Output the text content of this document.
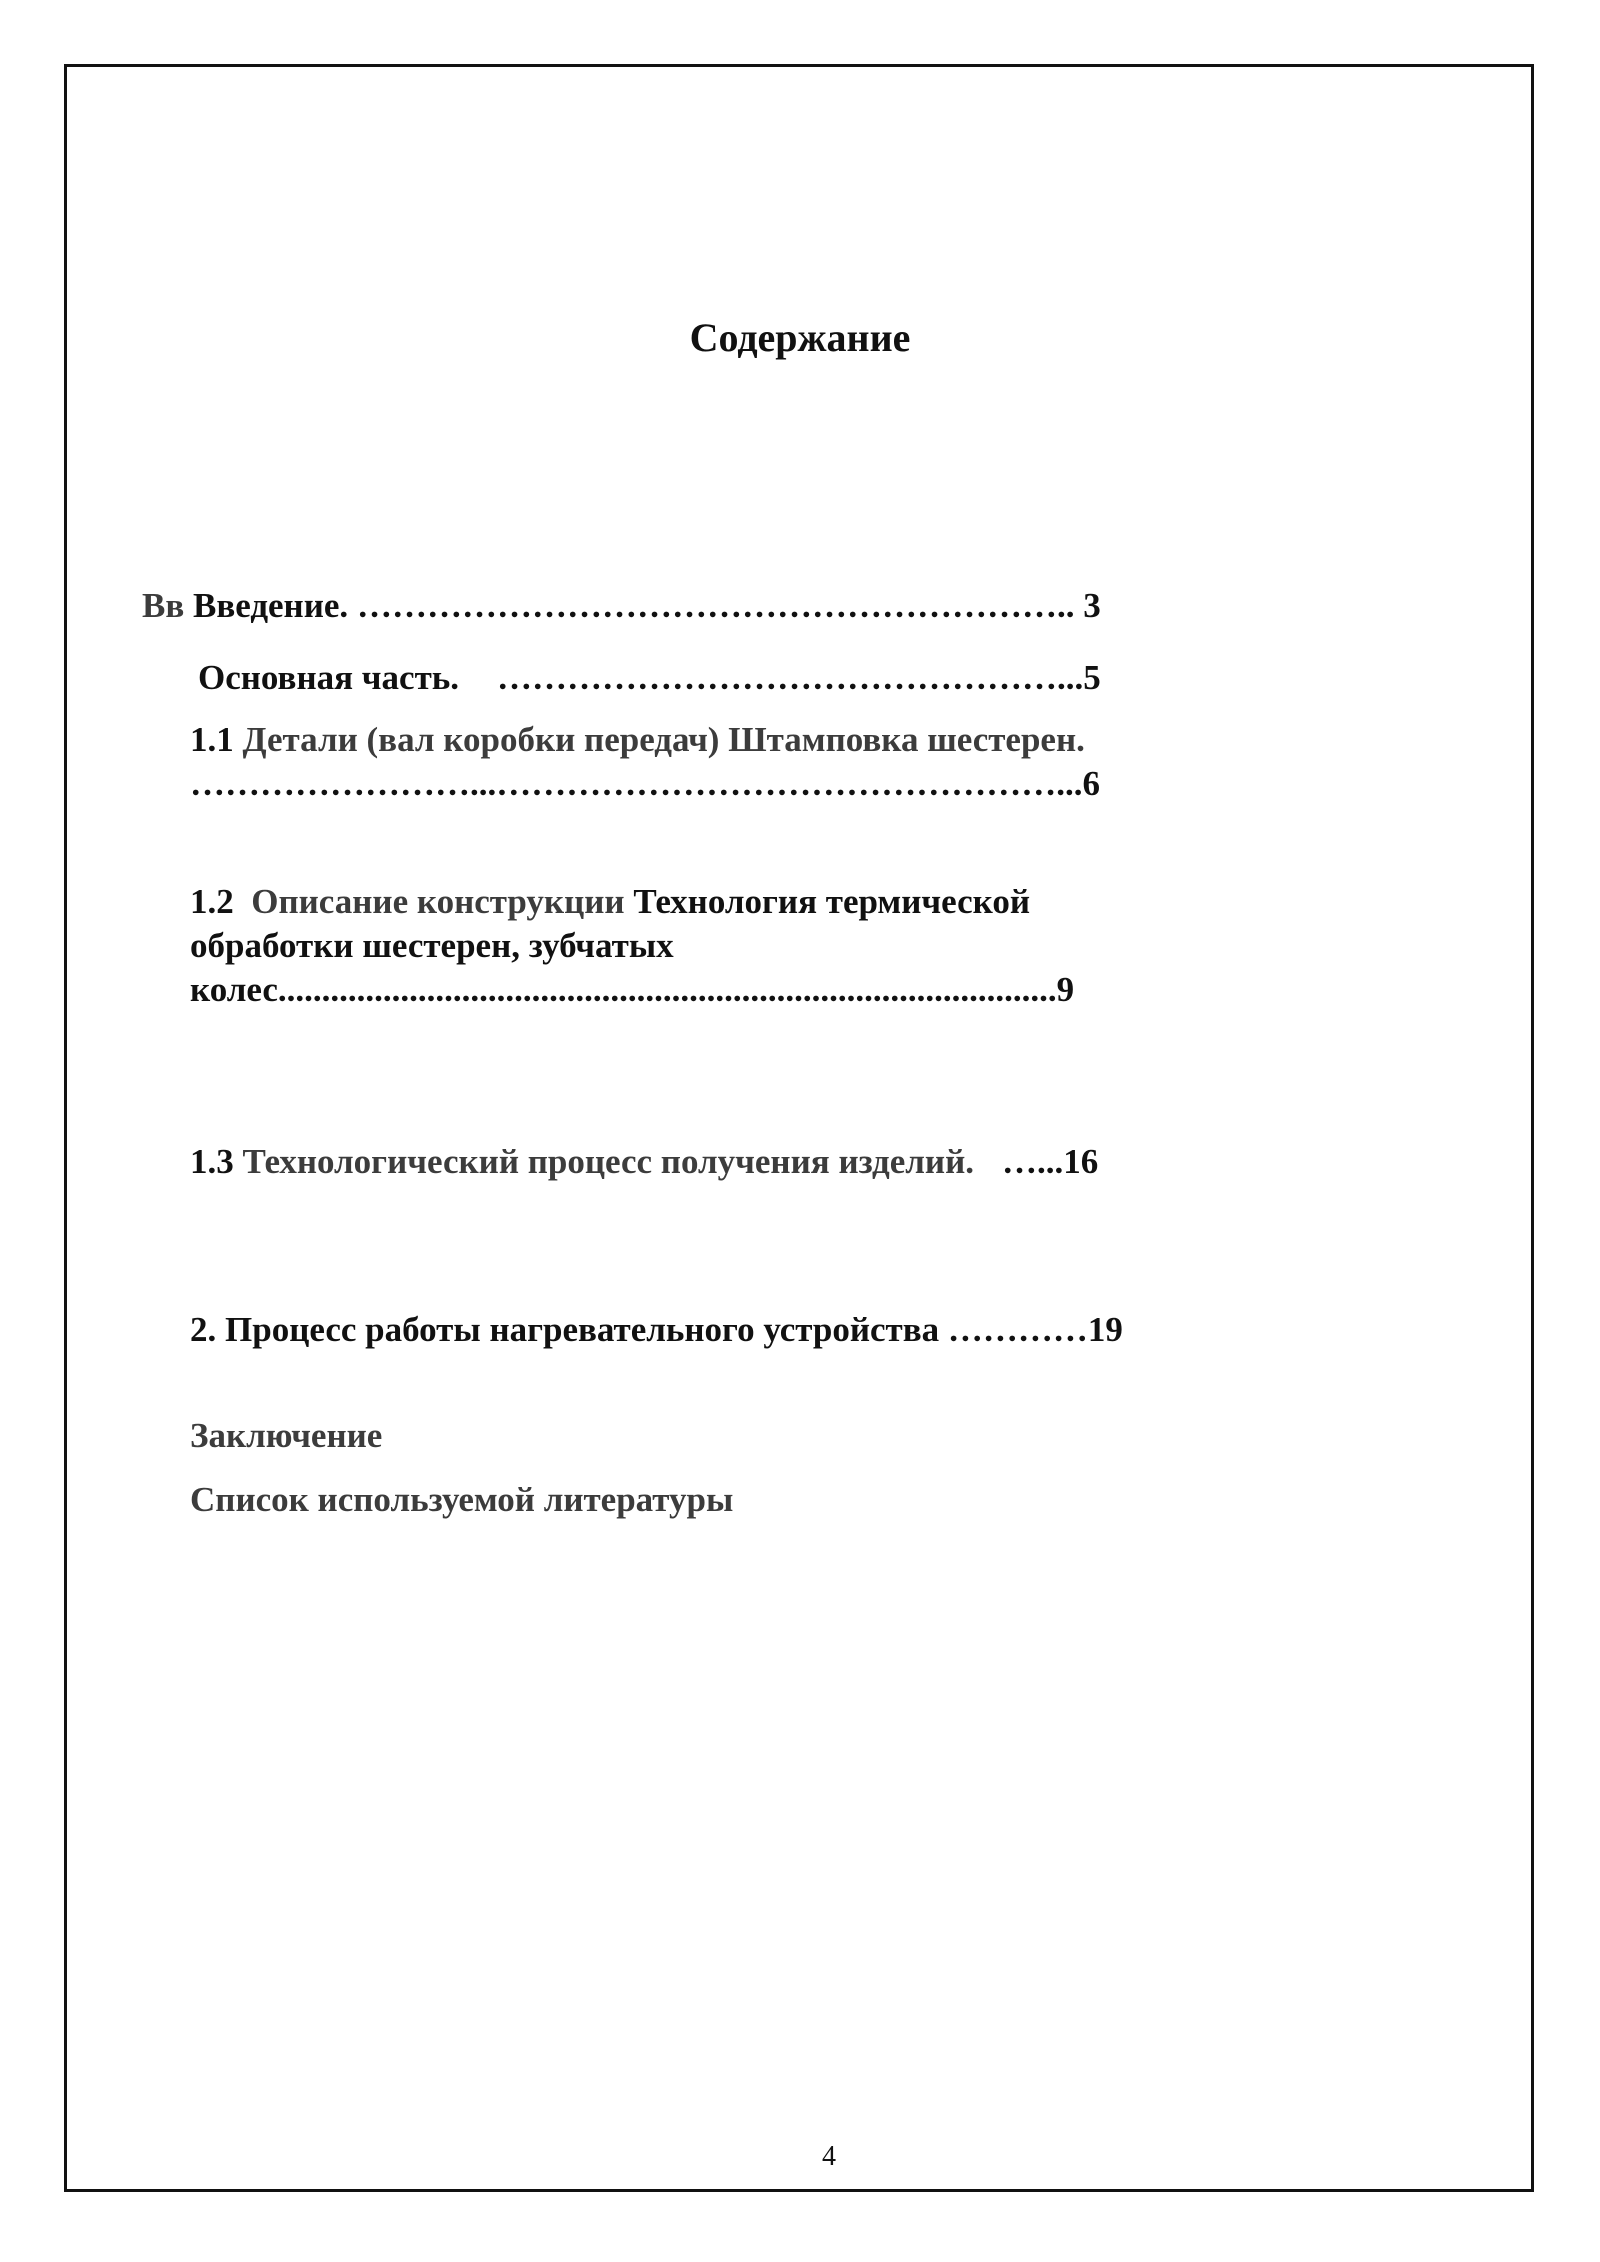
Содержание
Вв Введение. …………………………………………………….. 3
Основная часть. …………………………………………...5
1.1 Детали (вал коробки передач) Штамповка шестерен.
……………………...…………………………………………...6
1.2 Описание конструкции Технология термической
обработки шестерен, зубчатых
колес.........................................................................................9
1.3 Технологический процесс получения изделий. …...16
2. Процесс работы нагревательного устройства …………19
Заключение
Список используемой литературы
4
